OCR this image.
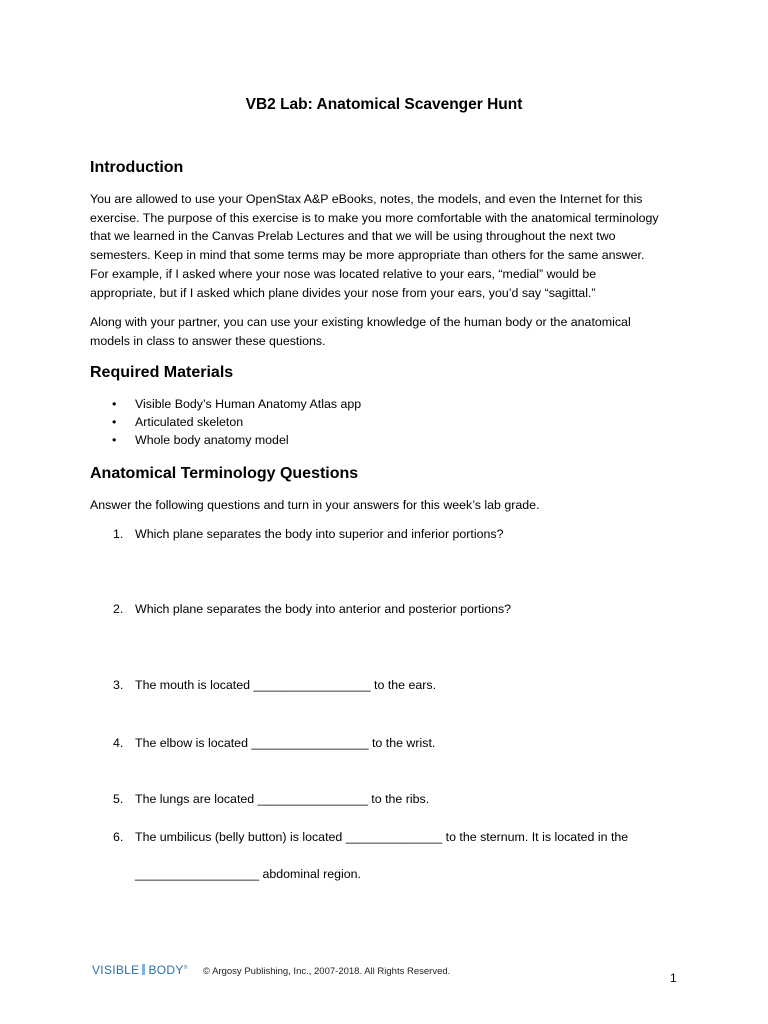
VB2 Lab: Anatomical Scavenger Hunt
Introduction
You are allowed to use your OpenStax A&P eBooks, notes, the models, and even the Internet for this
exercise. The purpose of this exercise is to make you more comfortable with the anatomical terminology
that we learned in the Canvas Prelab Lectures and that we will be using throughout the next two
semesters. Keep in mind that some terms may be more appropriate than others for the same answer.
For example, if I asked where your nose was located relative to your ears, “medial” would be
appropriate, but if I asked which plane divides your nose from your ears, you’d say “sagittal.”
Along with your partner, you can use your existing knowledge of the human body or the anatomical
models in class to answer these questions.
Required Materials
• Visible Body’s Human Anatomy Atlas app
• Articulated skeleton
• Whole body anatomy model
Anatomical Terminology Questions
Answer the following questions and turn in your answers for this week’s lab grade.
1. Which plane separates the body into superior and inferior portions?
2. Which plane separates the body into anterior and posterior portions?
3. The mouth is located _________________ to the ears.
4. The elbow is located _________________ to the wrist.
5. The lungs are located ________________ to the ribs.
6. The umbilicus (belly button) is located ______________ to the sternum. It is located in the
__________________ abdominal region.
VISIBLE BODY® © Argosy Publishing, Inc., 2007-2018. All Rights Reserved.	1
